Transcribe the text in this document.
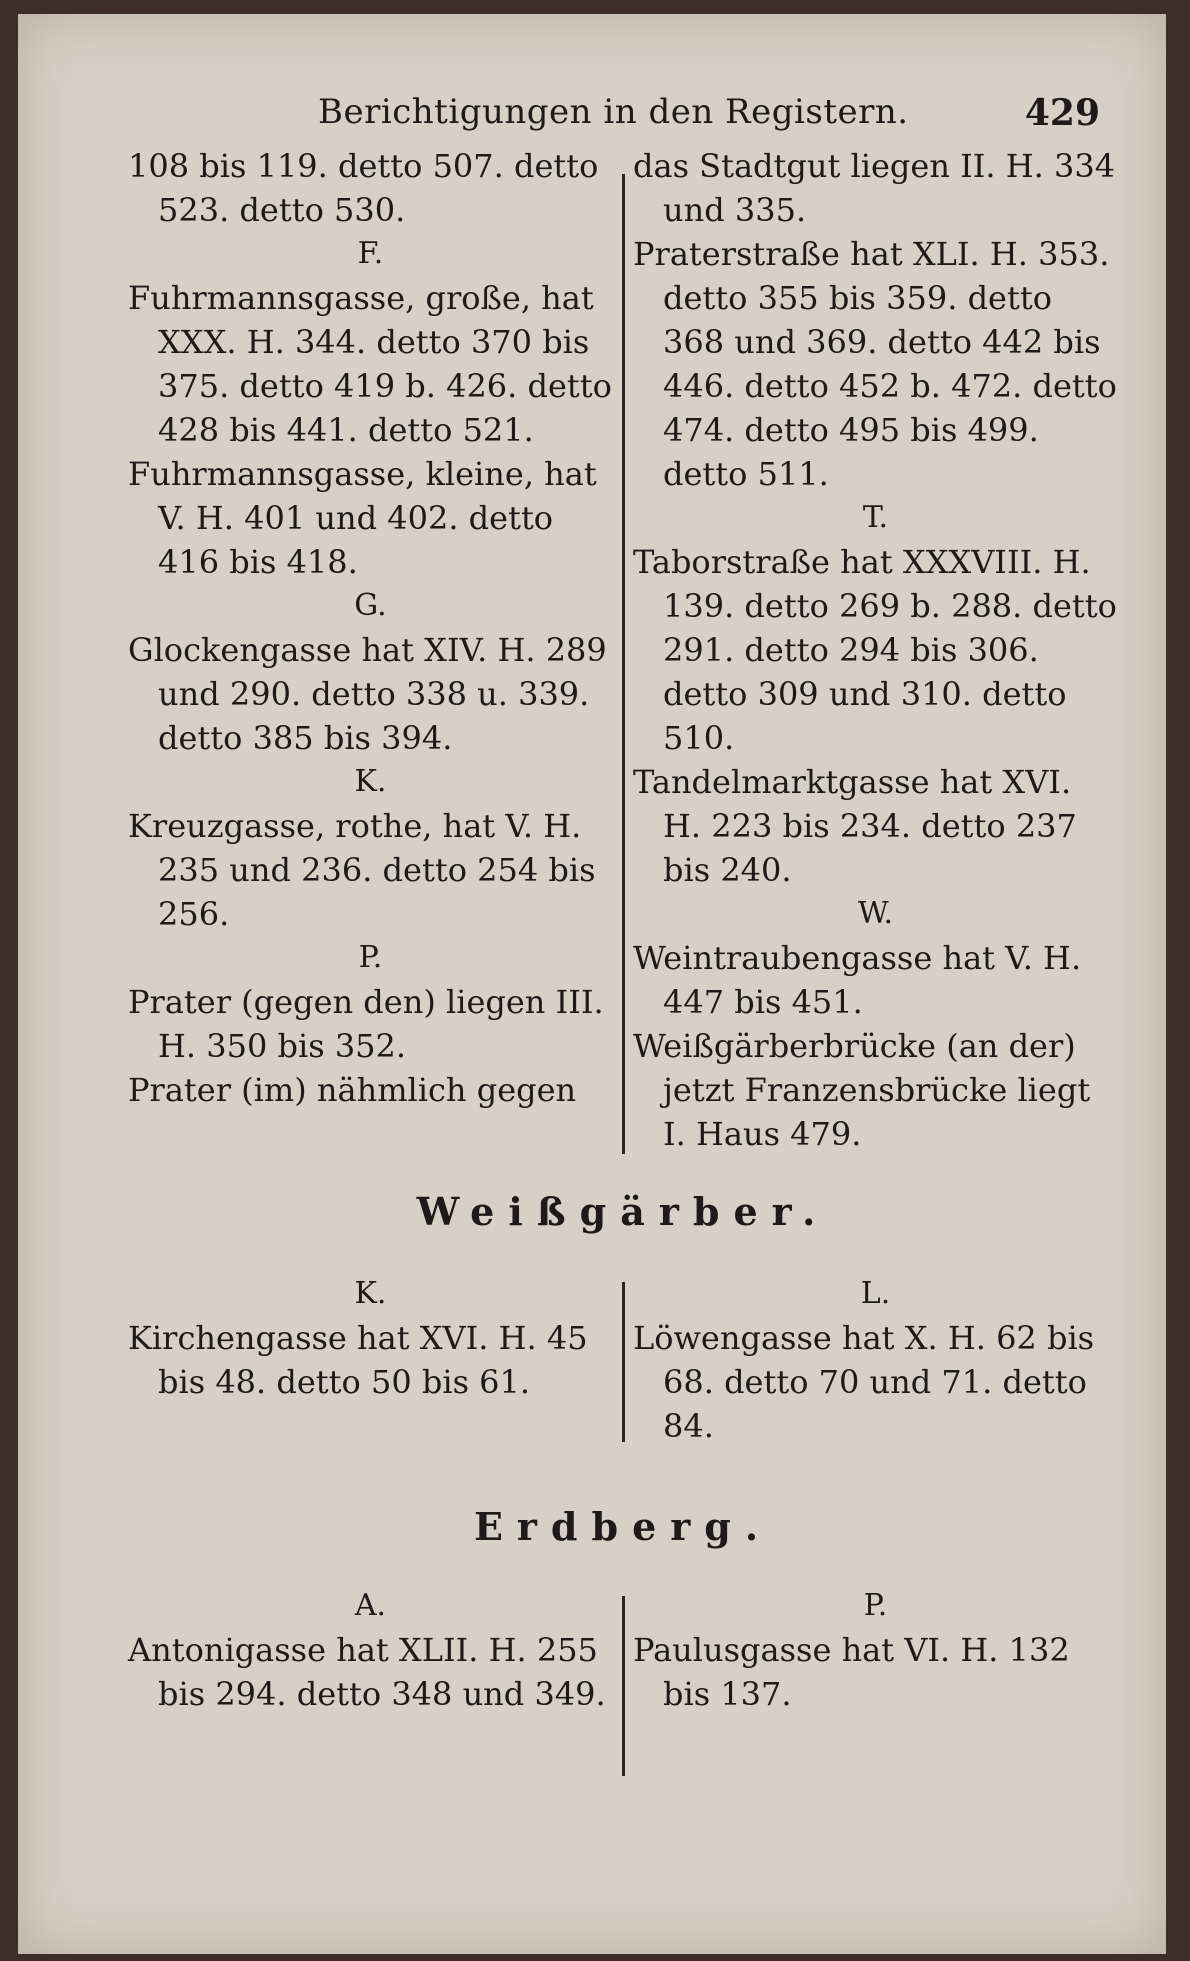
Berichtigungen in den Registern.	429
108 bis 119. detto 507. detto 523. detto 530.
F.
Fuhrmannsgasse, große, hat XXX. H. 344. detto 370 bis 375. detto 419 b. 426. detto 428 bis 441. detto 521.
Fuhrmannsgasse, kleine, hat V. H. 401 und 402. detto 416 bis 418.
G.
Glockengasse hat XIV. H. 289 und 290. detto 338 u. 339. detto 385 bis 394.
K.
Kreuzgasse, rothe, hat V. H. 235 und 236. detto 254 bis 256.
P.
Prater (gegen den) liegen III. H. 350 bis 352.
Prater (im) nähmlich gegen
das Stadtgut liegen II. H. 334 und 335.
Praterstraße hat XLI. H. 353. detto 355 bis 359. detto 368 und 369. detto 442 bis 446. detto 452 b. 472. detto 474. detto 495 bis 499. detto 511.
T.
Taborstraße hat XXXVIII. H. 139. detto 269 b. 288. detto 291. detto 294 bis 306. detto 309 und 310. detto 510.
Tandelmarktgasse hat XVI. H. 223 bis 234. detto 237 bis 240.
W.
Weintraubengasse hat V. H. 447 bis 451.
Weißgärberbrücke (an der) jetzt Franzensbrücke liegt I. Haus 479.
Weißgärber.
K.
Kirchengasse hat XVI. H. 45 bis 48. detto 50 bis 61.
L.
Löwengasse hat X. H. 62 bis 68. detto 70 und 71. detto 84.
Erdberg.
A.
Antonigasse hat XLII. H. 255 bis 294. detto 348 und 349.
P.
Paulusgasse hat VI. H. 132 bis 137.
